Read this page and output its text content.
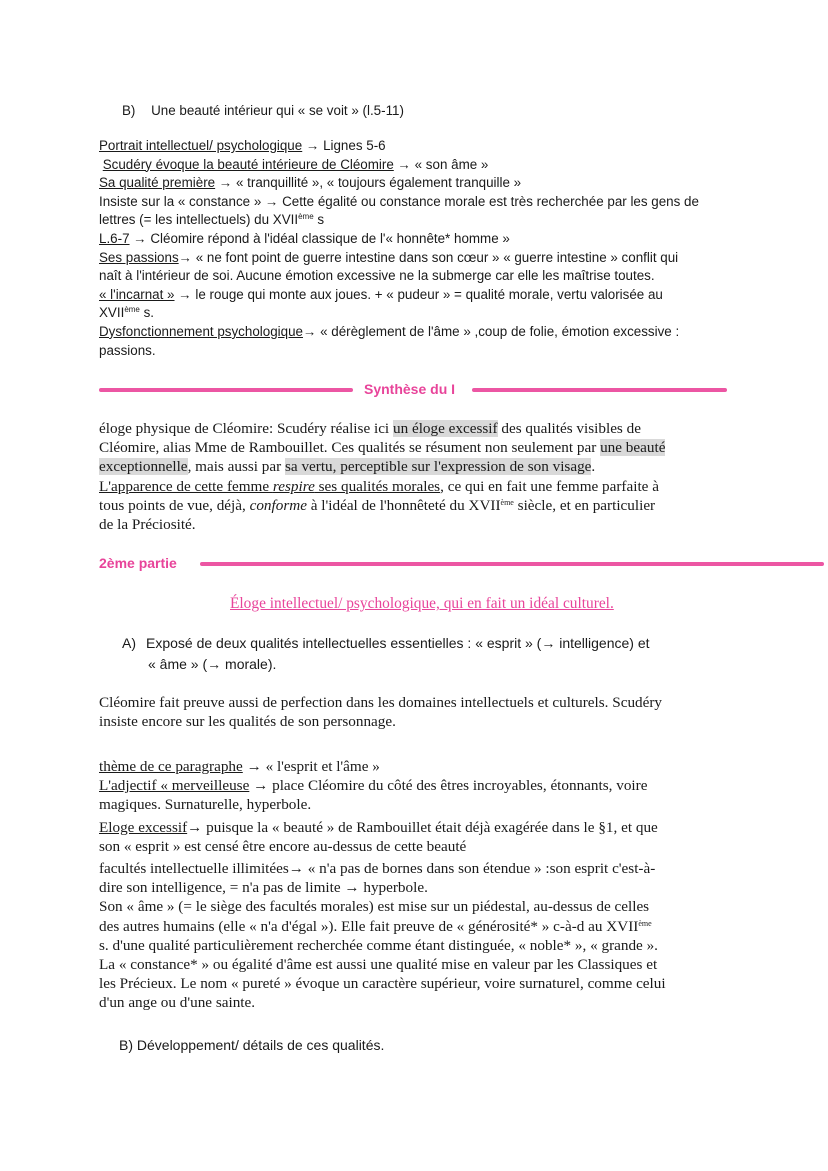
B) Une beauté intérieur qui « se voit » (l.5-11)
Portrait intellectuel/ psychologique → Lignes 5-6
Scudéry évoque la beauté intérieure de Cléomire → « son âme »
Sa qualité première → « tranquillité », « toujours également tranquille »
Insiste sur la « constance » → Cette égalité ou constance morale est très recherchée par les gens de
lettres (= les intellectuels) du XVIIème s
L.6-7 → Cléomire répond à l'idéal classique de l'« honnête* homme »
Ses passions→ « ne font point de guerre intestine dans son cœur » « guerre intestine » conflit qui
naît à l'intérieur de soi. Aucune émotion excessive ne la submerge car elle les maîtrise toutes.
« l'incarnat » → le rouge qui monte aux joues. + « pudeur » = qualité morale, vertu valorisée au
XVIIème s.
Dysfonctionnement psychologique→ « dérèglement de l'âme » ,coup de folie, émotion excessive :
passions.
Synthèse du I
éloge physique de Cléomire: Scudéry réalise ici un éloge excessif des qualités visibles de
Cléomire, alias Mme de Rambouillet. Ces qualités se résument non seulement par une beauté
exceptionnelle, mais aussi par sa vertu, perceptible sur l'expression de son visage.
L'apparence de cette femme respire ses qualités morales, ce qui en fait une femme parfaite à
tous points de vue, déjà, conforme à l'idéal de l'honnêteté du XVIIème siècle, et en particulier
de la Préciosité.
2ème partie
Éloge intellectuel/ psychologique, qui en fait un idéal culturel.
A) Exposé de deux qualités intellectuelles essentielles : « esprit » (→ intelligence) et
« âme » (→ morale).
Cléomire fait preuve aussi de perfection dans les domaines intellectuels et culturels. Scudéry
insiste encore sur les qualités de son personnage.
thème de ce paragraphe → « l'esprit et l'âme »
L'adjectif « merveilleuse → place Cléomire du côté des êtres incroyables, étonnants, voire
magiques. Surnaturelle, hyperbole.
Eloge excessif→ puisque la « beauté » de Rambouillet était déjà exagérée dans le §1, et que
son « esprit » est censé être encore au-dessus de cette beauté
facultés intellectuelle illimitées→ « n'a pas de bornes dans son étendue » :son esprit c'est-à-
dire son intelligence, = n'a pas de limite → hyperbole.
Son « âme » (= le siège des facultés morales) est mise sur un piédestal, au-dessus de celles
des autres humains (elle « n'a d'égal »). Elle fait preuve de « générosité* » c-à-d au XVIIème
s. d'une qualité particulièrement recherchée comme étant distinguée, « noble* », « grande ».
La « constance* » ou égalité d'âme est aussi une qualité mise en valeur par les Classiques et
les Précieux. Le nom « pureté » évoque un caractère supérieur, voire surnaturel, comme celui
d'un ange ou d'une sainte.
B) Développement/ détails de ces qualités.
